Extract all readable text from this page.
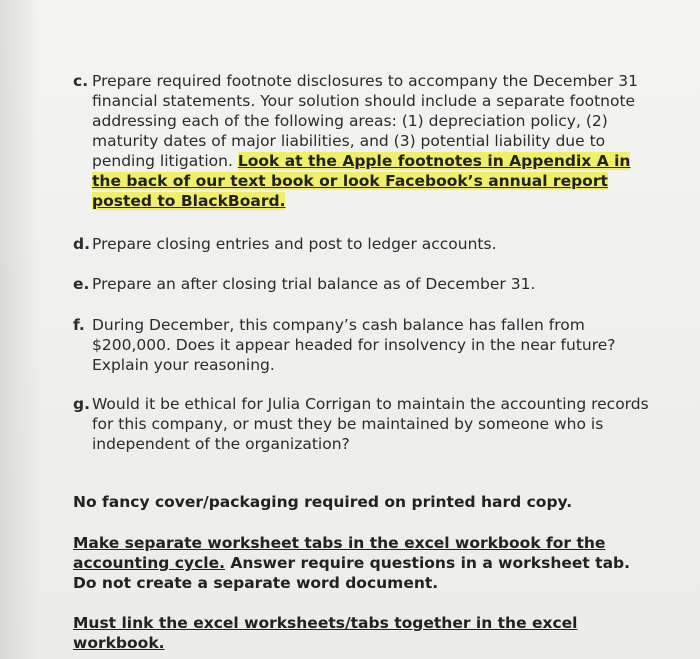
c. Prepare required footnote disclosures to accompany the December 31
financial statements. Your solution should include a separate footnote
addressing each of the following areas: (1) depreciation policy, (2)
maturity dates of major liabilities, and (3) potential liability due to
pending litigation. Look at the Apple footnotes in Appendix A in
the back of our text book or look Facebook’s annual report
posted to BlackBoard.
d. Prepare closing entries and post to ledger accounts.
e. Prepare an after closing trial balance as of December 31.
f. During December, this company’s cash balance has fallen from
$200,000. Does it appear headed for insolvency in the near future?
Explain your reasoning.
g. Would it be ethical for Julia Corrigan to maintain the accounting records
for this company, or must they be maintained by someone who is
independent of the organization?
No fancy cover/packaging required on printed hard copy.
Make separate worksheet tabs in the excel workbook for the
accounting cycle. Answer require questions in a worksheet tab.
Do not create a separate word document.
Must link the excel worksheets/tabs together in the excel
workbook.
